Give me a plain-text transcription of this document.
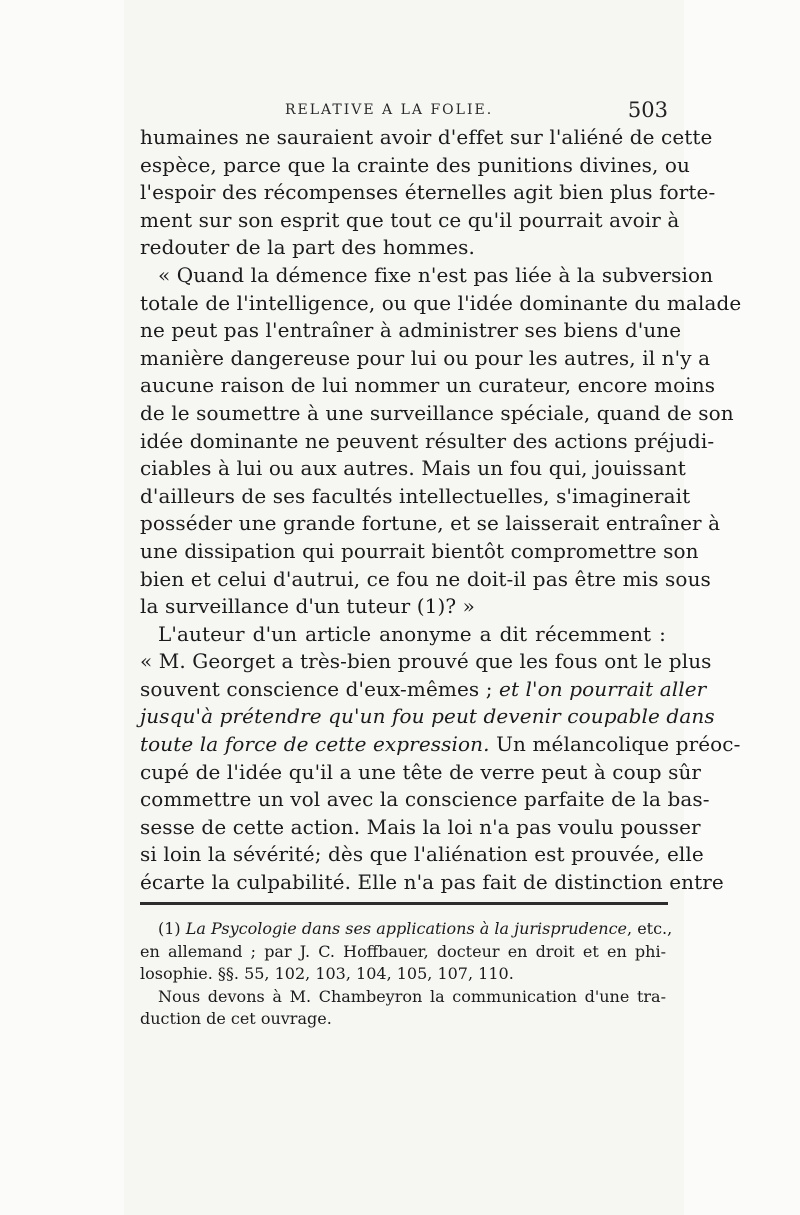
RELATIVE A LA FOLIE.	503
humaines ne sauraient avoir d'effet sur l'aliéné de cette
espèce, parce que la crainte des punitions divines, ou
l'espoir des récompenses éternelles agit bien plus forte-
ment sur son esprit que tout ce qu'il pourrait avoir à
redouter de la part des hommes.
« Quand la démence fixe n'est pas liée à la subversion
totale de l'intelligence, ou que l'idée dominante du malade
ne peut pas l'entraîner à administrer ses biens d'une
manière dangereuse pour lui ou pour les autres, il n'y a
aucune raison de lui nommer un curateur, encore moins
de le soumettre à une surveillance spéciale, quand de son
idée dominante ne peuvent résulter des actions préjudi-
ciables à lui ou aux autres. Mais un fou qui, jouissant
d'ailleurs de ses facultés intellectuelles, s'imaginerait
posséder une grande fortune, et se laisserait entraîner à
une dissipation qui pourrait bientôt compromettre son
bien et celui d'autrui, ce fou ne doit-il pas être mis sous
la surveillance d'un tuteur (1)? »
L'auteur d'un article anonyme a dit récemment :
« M. Georget a très-bien prouvé que les fous ont le plus
souvent conscience d'eux-mêmes ; et l'on pourrait aller
jusqu'à prétendre qu'un fou peut devenir coupable dans
toute la force de cette expression. Un mélancolique préoc-
cupé de l'idée qu'il a une tête de verre peut à coup sûr
commettre un vol avec la conscience parfaite de la bas-
sesse de cette action. Mais la loi n'a pas voulu pousser
si loin la sévérité; dès que l'aliénation est prouvée, elle
écarte la culpabilité. Elle n'a pas fait de distinction entre
(1) La Psycologie dans ses applications à la jurisprudence, etc.,
en allemand ; par J. C. Hoffbauer, docteur en droit et en phi-
losophie. §§. 55, 102, 103, 104, 105, 107, 110.
Nous devons à M. Chambeyron la communication d'une tra-
duction de cet ouvrage.
